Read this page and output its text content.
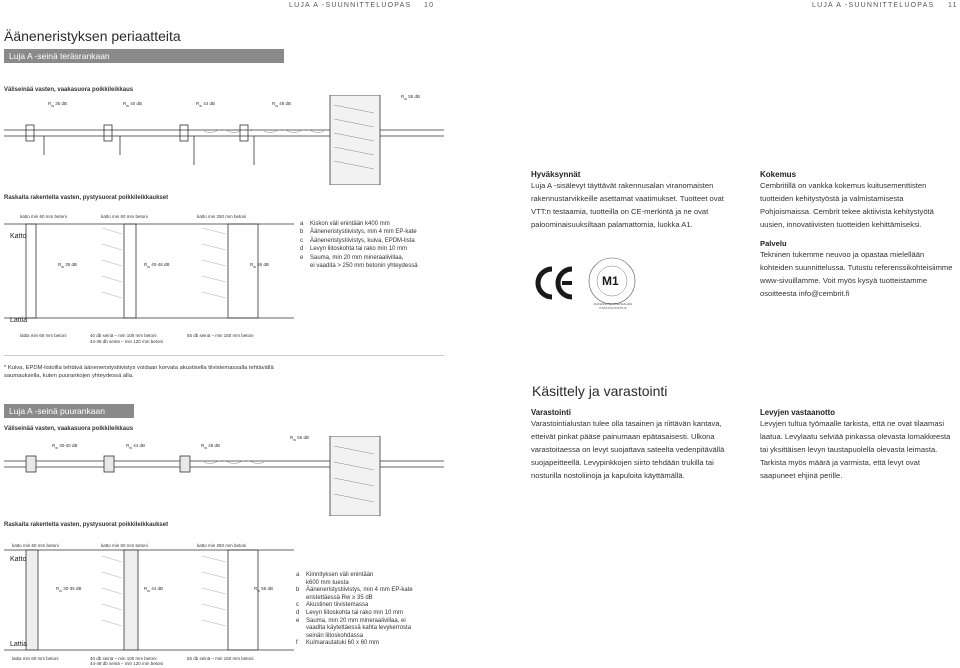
LUJA A -SUUNNITTELUOPAS 10	LUJA A -SUUNNITTELUOPAS 11
Ääneneristyksen periaatteita
Luja A -seinä teräsrankaan
Väliseinää vasten, vaakasuora poikkileikkaus
$R_w$ 35 dB	$R_w$ 40 dB	$R_w$ 44 dB	$R_w$ 48 dB
$R_w$ 55 dB
Raskaita rakenteita vasten, pystysuorat poikkileikkaukset
katto min 60 mm betoni	katto min 60 mm betoni	katto min 250 mm betoni
Katto
Lattia
$R_w$ 35 dB	$R_w$ 40-48 dB	$R_w$ 55 dB
lattia min 60 mm betoni	40 db seinä – min 100 mm betoni
44-48 db seinä – min 120 mm betoni
55 db seinä – min 150 mm betoni
a Kiskon väli enintään k400 mm
b Ääneneristystiivistys, min 4 mm EP-kate
c Ääneneristystiivistys, kuiva, EPDM-lista
d Levyn liitoskohta tai rako min 10 mm
e Sauma, min 20 mm mineraalivillaa,
ei vaadita > 250 mm betonin yhteydessä
* Kuiva, EPDM-listoilla tehtävä ääneneristystiivistys voidaan korvata akustisella tiivistemassalla tehtävällä saumauksella, kuten puurankojen yhteydessä alla.
Luja A -seinä puurankaan
Väliseinää vasten, vaakasuora poikkileikkaus
$R_w$ 30-40 dB	$R_w$ 44 dB	$R_w$ 48 dB
$R_w$ 55 dB
Raskaita rakenteita vasten, pystysuorat poikkileikkaukset
katto min 60 mm betoni	katto min 60 mm betoni	katto min 250 mm betoni
Katto
Lattia
$R_w$ 30-35 dB	$R_w$ 44 dB	$R_w$ 55 dB
lattia min 60 mm betoni	40 db seinä – min 100 mm betoni
44-48 db seinä – min 120 mm betoni
55 db seinä – min 150 mm betoni
a Kiinnityksen väli enintään
k600 mm tuesta
b Ääneneristystiivistys, min 4 mm EP-kate
eristettäessä Rw ≥ 35 dB
c Akustinen tiivistemassa
d Levyn liitoskohta tai rako min 10 mm
e Sauma, min 20 mm mineraalivillaa, ei
vaadita käytettäessä kahta levykerrosta
seinän liitoskohdassa
f Kulmarautatuki 60 x 60 mm
Hyväksynnät
Luja A -sisälevyt täyttävät rakennusalan viranomaisten rakennustarvikkeille asettamat vaatimukset. Tuotteet ovat VTT:n testaamia, tuotteilla on CE-merkintä ja ne ovat paloominaisuuksiltaan palamattomia, luokka A1.
M1
RAKENNUSMATERIAALIEN PÄÄSTÖLUOKITUS
Kokemus
Cembritillä on vankka kokemus kuitusementtisten tuotteiden kehitystyöstä ja valmistamisesta Pohjoismaissa. Cembrit tekee aktiivista kehitystyötä uusien, innovatiivisten tuotteiden kehittämiseksi.
Palvelu
Tekninen tukemme neuvoo ja opastaa mielellään kohteiden suunnittelussa. Tutustu referenssikohteisiimme www-sivuillamme. Voit myös kysyä tuotteistamme osoitteesta info@cembrit.fi
Käsittely ja varastointi
Varastointi
Varastointialustan tulee olla tasainen ja riittävän kantava, etteivät pinkat pääse painumaan epätasaisesti. Ulkona varastoitaessa on levyt suojattava sateelta vedenpitävällä suojapeitteellä. Levypinkkojen siirto tehdään trukilla tai nosturilla nostoliinoja ja kapuloita käyttämällä.
Levyjen vastaanotto
Levyjen tultua työmaalle tarkista, että ne ovat tilaamasi laatua. Levylaatu selviää pinkassa olevasta lomakkeesta tai yksittäisen levyn taustapuolella olevasta leimasta. Tarkista myös määrä ja varmista, että levyt ovat saapuneet ehjinä perille.
